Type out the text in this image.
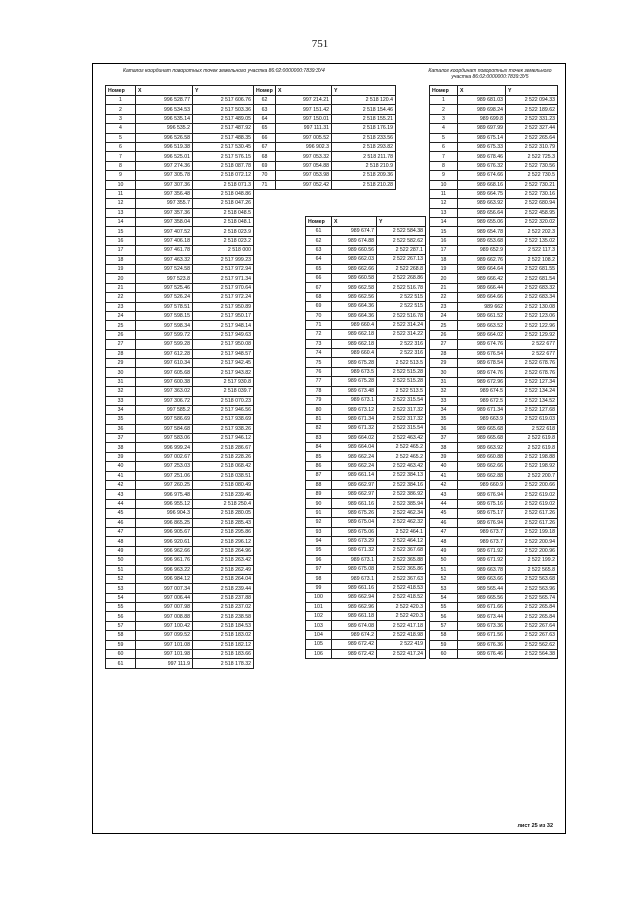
751
Каталог координат поворотных точек земельного участка 86:02:0000000:7839:ЗУ4	Каталог координат поворотных точек земельного участка 86:02:0000000:7839:ЗУ5
Номер	X	Y
1	996 528.77	2 517 606.76
2	996 534.53	2 517 503.36
3	996 535.14	2 517 489.05
4	996 535.2	2 517 487.92
5	996 526.58	2 517 488.35
6	996 519.38	2 517 530.45
7	996 525.01	2 517 576.15
8	997 274.36	2 518 087.78
9	997 305.78	2 518 072.12
10	997 307.36	2 518 071.3
11	997 356.48	2 518 048.86
12	997 355.7	2 518 047.26
13	997 357.36	2 518 048.5
14	997 358.04	2 518 048.1
15	997 407.52	2 518 023.9
16	997 406.18	2 518 023.2
17	997 461.78	2 518 000
18	997 463.32	2 517 999.23
19	997 524.58	2 517 972.94
20	997 523.8	2 517 971.34
21	997 525.46	2 517 970.64
22	997 526.24	2 517 972.24
23	997 578.51	2 517 950.89
24	997 598.15	2 517 950.17
25	997 598.34	2 517 948.14
26	997 599.72	2 517 949.63
27	997 599.28	2 517 950.08
28	997 612.28	2 517 948.57
29	997 610.34	2 517 942.45
30	997 605.68	2 517 943.82
31	997 600.38	2 517 930.8
32	997 363.02	2 518 039.7
33	997 306.72	2 518 070.23
34	997 585.2	2 517 946.56
35	997 586.69	2 517 938.69
36	997 584.68	2 517 938.26
37	997 583.06	2 517 946.12
38	996 999.24	2 518 286.67
39	997 002.67	2 518 228.26
40	997 253.03	2 518 068.42
41	997 251.06	2 518 038.51
42	997 260.25	2 518 080.49
43	996 975.48	2 518 239.46
44	996 955.12	2 518 250.4
45	996 904.3	2 518 280.05
46	996 865.25	2 518 285.43
47	996 905.67	2 518 295.86
48	996 920.61	2 518 296.12
49	996 962.66	2 518 264.96
50	996 961.76	2 518 263.42
51	996 963.22	2 518 262.49
52	996 984.12	2 518 264.04
53	997 007.34	2 518 239.44
54	997 006.44	2 518 237.88
55	997 007.98	2 518 237.02
56	997 008.88	2 518 238.58
57	997 100.42	2 518 184.53
58	997 099.52	2 518 183.02
59	997 101.08	2 518 182.12
60	997 101.98	2 518 183.66
61	997 111.9	2 518 178.32
Номер	X	Y
62	997 214.21	2 518 120.4
63	997 151.42	2 518 154.46
64	997 150.01	2 518 155.21
65	997 111.31	2 518 176.19
66	997 005.52	2 518 233.56
67	996 902.3	2 518 293.82
68	997 053.32	2 518 211.78
69	997 054.88	2 518 210.9
70	997 053.98	2 518 209.36
71	997 052.42	2 518 210.28
Номер	X	Y
61	989 674.7	2 522 584.38
62	989 674.88	2 522 582.62
63	989 660.56	2 522 287.1
64	989 662.03	2 522 267.13
65	989 662.66	2 522 268.8
66	989 660.58	2 522 268.86
67	989 662.58	2 522 516.78
68	989 662.56	2 522 515
69	989 664.36	2 522 515
70	989 664.36	2 522 516.78
71	989 660.4	2 522 314.24
72	989 662.18	2 522 314.22
73	989 662.18	2 522 316
74	989 660.4	2 522 316
75	989 675.28	2 522 513.5
76	989 673.5	2 522 515.28
77	989 675.28	2 522 515.28
78	989 673.48	2 522 513.5
79	989 673.1	2 522 315.54
80	989 673.12	2 522 317.32
81	989 671.34	2 522 317.32
82	989 671.32	2 522 315.54
83	989 664.02	2 522 463.42
84	989 664.04	2 522 465.2
85	989 662.24	2 522 465.2
86	989 662.24	2 522 463.42
87	989 661.14	2 522 384.13
88	989 662.97	2 522 384.16
89	989 662.97	2 522 386.92
90	989 661.16	2 522 385.94
91	989 675.26	2 522 462.34
92	989 675.04	2 522 462.32
93	989 675.06	2 522 464.1
94	989 673.29	2 522 464.12
95	989 671.32	2 522 367.68
96	989 673.1	2 522 365.88
97	989 675.08	2 522 365.86
98	989 673.1	2 522 367.63
99	989 661.16	2 522 418.53
100	989 662.94	2 522 418.52
101	989 662.96	2 522 420.3
102	989 661.18	2 522 420.3
103	989 674.08	2 522 417.18
104	989 674.2	2 522 418.98
105	989 672.42	2 522 419
106	989 672.42	2 522 417.24
Номер	X	Y
1	989 681.03	2 522 094.33
2	989 698.24	2 522 189.62
3	989 699.8	2 522 331.23
4	989 697.99	2 522 327.44
5	989 675.14	2 522 265.64
6	989 675.33	2 522 310.79
7	989 678.46	2 522 725.3
8	989 676.32	2 522 730.56
9	989 674.66	2 522 730.5
10	989 668.16	2 522 730.21
11	989 664.75	2 522 730.16
12	989 663.92	2 522 680.94
13	989 656.64	2 522 458.95
14	989 655.06	2 522 320.02
15	989 654.78	2 522 202.3
16	989 653.68	2 522 135.02
17	989 652.9	2 522 117.3
18	989 662.76	2 522 108.2
19	989 664.64	2 522 681.55
20	989 666.42	2 522 681.54
21	989 666.44	2 522 683.32
22	989 664.66	2 522 683.34
23	989 662	2 522 130.08
24	989 661.52	2 522 123.06
25	989 663.52	2 522 122.96
26	989 664.02	2 522 129.92
27	989 674.76	2 522 677
28	989 676.54	2 522 677
29	989 678.54	2 522 678.76
30	989 674.76	2 522 678.76
31	989 672.96	2 522 127.34
32	989 674.5	2 522 134.24
33	989 672.5	2 522 134.52
34	989 671.34	2 522 127.68
35	989 663.9	2 522 619.03
36	989 665.68	2 522 618
37	989 665.68	2 522 619.8
38	989 663.92	2 522 619.8
39	989 660.88	2 522 198.88
40	989 662.66	2 522 198.92
41	989 662.88	2 522 200.7
42	989 660.9	2 522 200.66
43	989 676.94	2 522 619.02
44	989 675.16	2 522 619.02
45	989 675.17	2 522 617.26
46	989 676.94	2 522 617.26
47	989 673.7	2 522 199.18
48	989 673.7	2 522 200.94
49	989 671.92	2 522 200.96
50	989 671.92	2 522 199.2
51	989 663.78	2 522 565.8
52	989 663.66	2 522 563.68
53	989 565.44	2 522 563.96
54	989 665.56	2 522 565.74
55	989 671.66	2 522 265.84
56	989 673.44	2 522 265.84
57	989 673.36	2 522 267.64
58	989 671.56	2 522 267.63
59	989 676.36	2 522 562.62
60	989 676.46	2 522 564.38
лист 25 из 32
